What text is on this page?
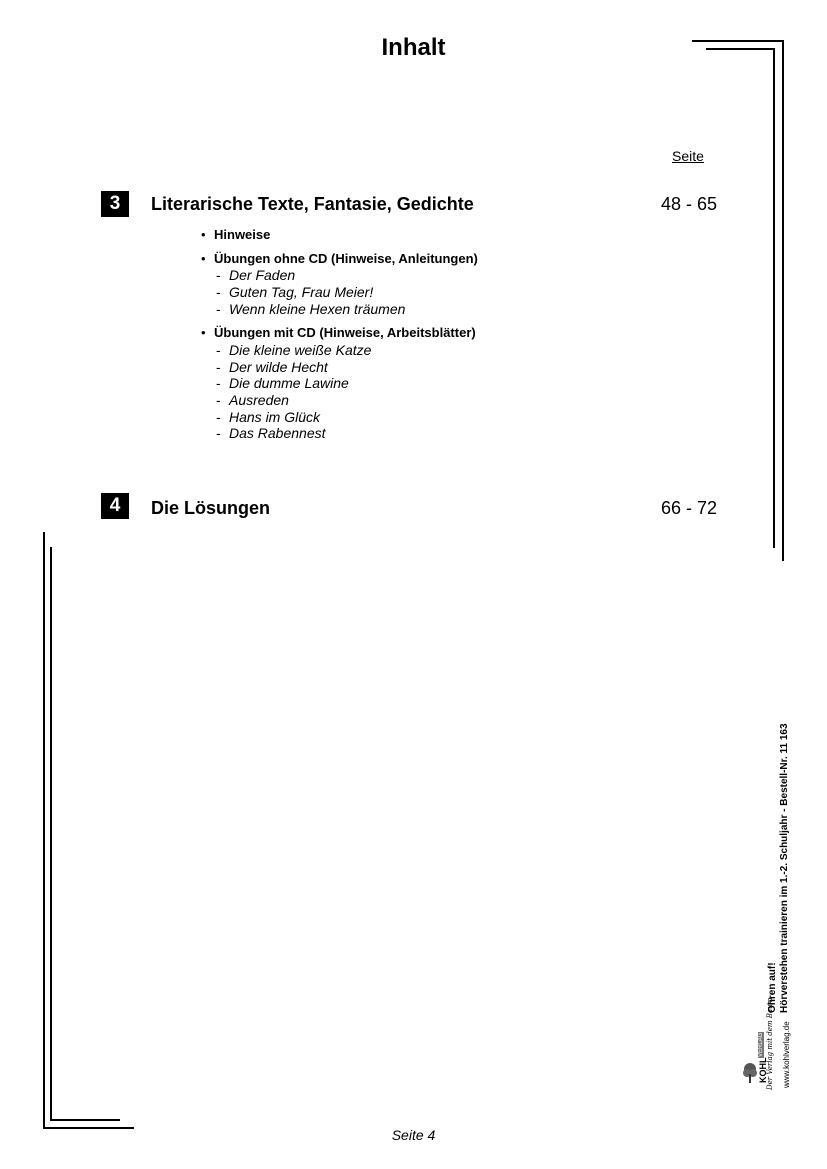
Inhalt
Seite
3	Literarische Texte, Fantasie, Gedichte	48 - 65
• Hinweise
• Übungen ohne CD (Hinweise, Anleitungen)
- Der Faden
- Guten Tag, Frau Meier!
- Wenn kleine Hexen träumen
• Übungen mit CD (Hinweise, Arbeitsblätter)
- Die kleine weiße Katze
- Der wilde Hecht
- Die dumme Lawine
- Ausreden
- Hans im Glück
- Das Rabennest
4	Die Lösungen	66 - 72
Hörverstehen trainieren im 1.-2. Schuljahr - Bestell-Nr. 11 163
Ohren auf!
www.kohlverlag.de
KOHL
VERLAG Der Verlag mit dem Baum
Seite 4
